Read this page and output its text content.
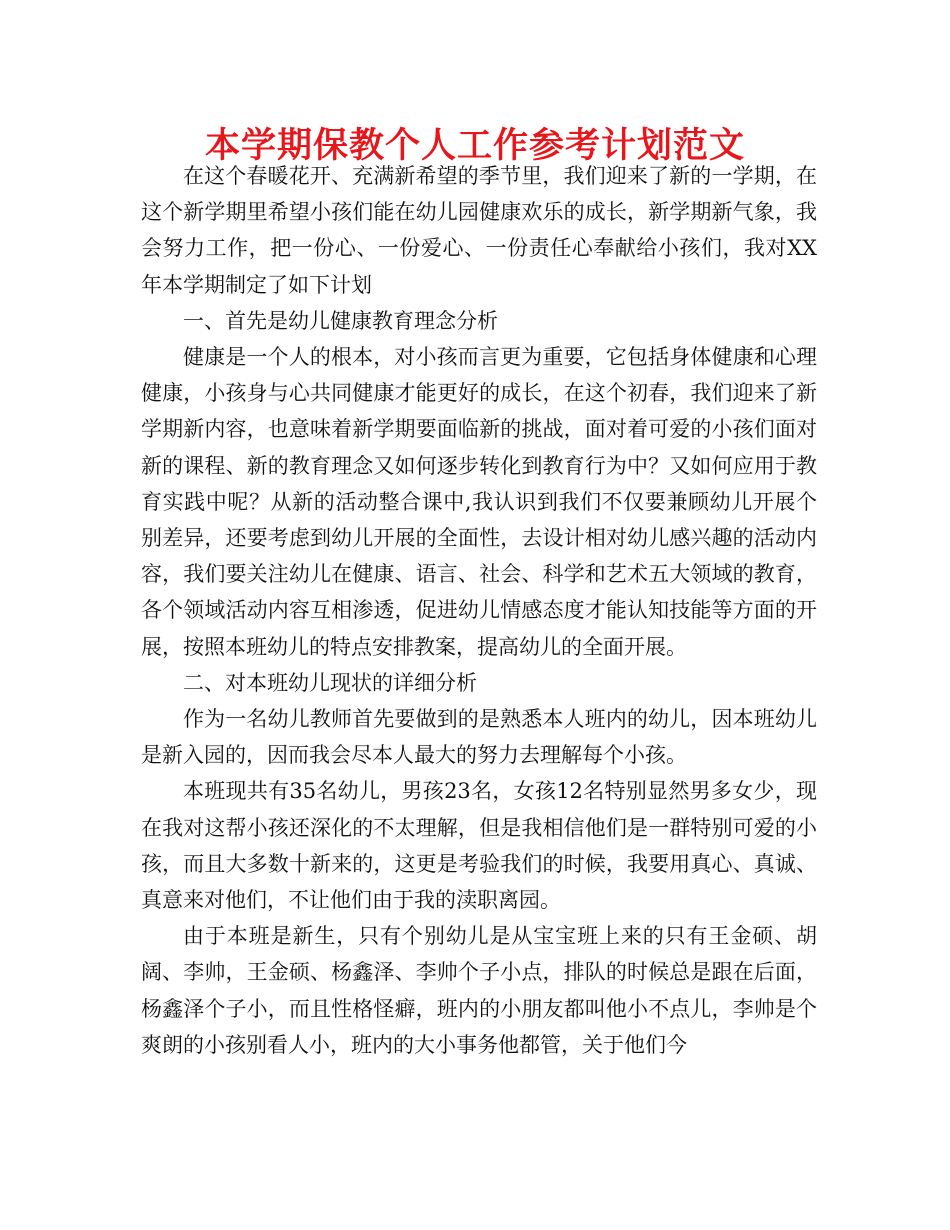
本学期保教个人工作参考计划范文

在这个春暖花开、充满新希望的季节里，我们迎来了新的一学期，在这个新学期里希望小孩们能在幼儿园健康欢乐的成长，新学期新气象，我会努力工作，把一份心、一份爱心、一份责任心奉献给小孩们，我对XX年本学期制定了如下计划

一、首先是幼儿健康教育理念分析

健康是一个人的根本，对小孩而言更为重要，它包括身体健康和心理健康，小孩身与心共同健康才能更好的成长，在这个初春，我们迎来了新学期新内容，也意味着新学期要面临新的挑战，面对着可爱的小孩们面对新的课程、新的教育理念又如何逐步转化到教育行为中？又如何应用于教育实践中呢？从新的活动整合课中,我认识到我们不仅要兼顾幼儿开展个别差异，还要考虑到幼儿开展的全面性，去设计相对幼儿感兴趣的活动内容，我们要关注幼儿在健康、语言、社会、科学和艺术五大领域的教育，各个领域活动内容互相渗透，促进幼儿情感态度才能认知技能等方面的开展，按照本班幼儿的特点安排教案，提高幼儿的全面开展。

二、对本班幼儿现状的详细分析

作为一名幼儿教师首先要做到的是熟悉本人班内的幼儿，因本班幼儿是新入园的，因而我会尽本人最大的努力去理解每个小孩。

本班现共有35名幼儿，男孩23名，女孩12名特别显然男多女少，现在我对这帮小孩还深化的不太理解，但是我相信他们是一群特别可爱的小孩，而且大多数十新来的，这更是考验我们的时候，我要用真心、真诚、真意来对他们，不让他们由于我的渎职离园。

由于本班是新生，只有个别幼儿是从宝宝班上来的只有王金硕、胡阔、李帅，王金硕、杨鑫泽、李帅个子小点，排队的时候总是跟在后面，杨鑫泽个子小，而且性格怪癖，班内的小朋友都叫他小不点儿，李帅是个爽朗的小孩别看人小，班内的大小事务他都管，关于他们今
